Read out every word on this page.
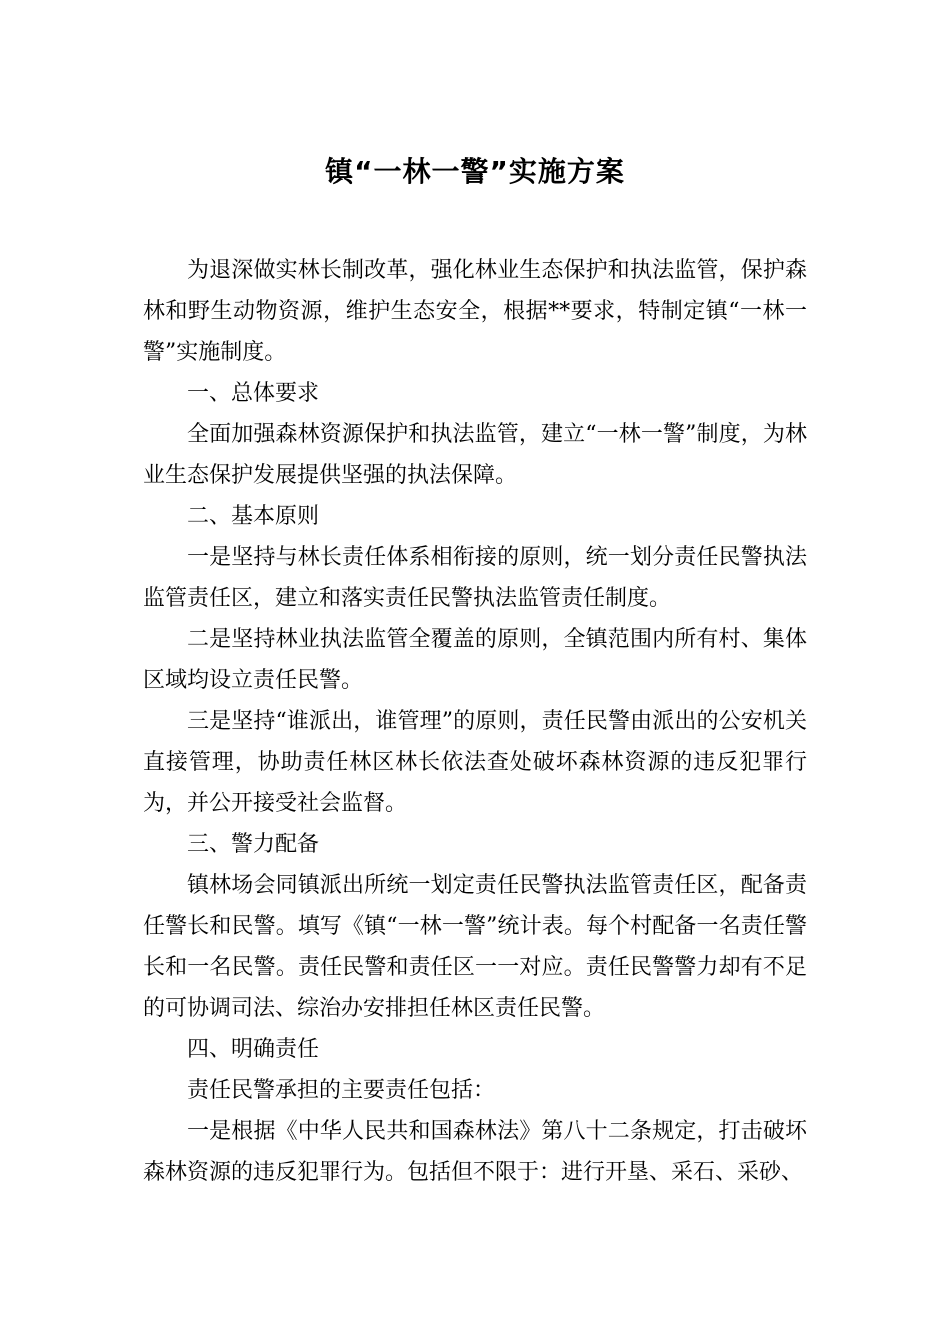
镇“一林一警”实施方案

为退深做实林长制改革，强化林业生态保护和执法监管，保护森林和野生动物资源，维护生态安全，根据**要求，特制定镇“一林一警”实施制度。

一、总体要求

全面加强森林资源保护和执法监管，建立“一林一警”制度，为林业生态保护发展提供坚强的执法保障。

二、基本原则

一是坚持与林长责任体系相衔接的原则，统一划分责任民警执法监管责任区，建立和落实责任民警执法监管责任制度。

二是坚持林业执法监管全覆盖的原则，全镇范围内所有村、集体区域均设立责任民警。

三是坚持“谁派出，谁管理”的原则，责任民警由派出的公安机关直接管理，协助责任林区林长依法查处破坏森林资源的违反犯罪行为，并公开接受社会监督。

三、警力配备

镇林场会同镇派出所统一划定责任民警执法监管责任区，配备责任警长和民警。填写《镇“一林一警”统计表。每个村配备一名责任警长和一名民警。责任民警和责任区一一对应。责任民警警力却有不足的可协调司法、综治办安排担任林区责任民警。

四、明确责任

责任民警承担的主要责任包括：

一是根据《中华人民共和国森林法》第八十二条规定，打击破坏森林资源的违反犯罪行为。包括但不限于：进行开垦、采石、采砂、
